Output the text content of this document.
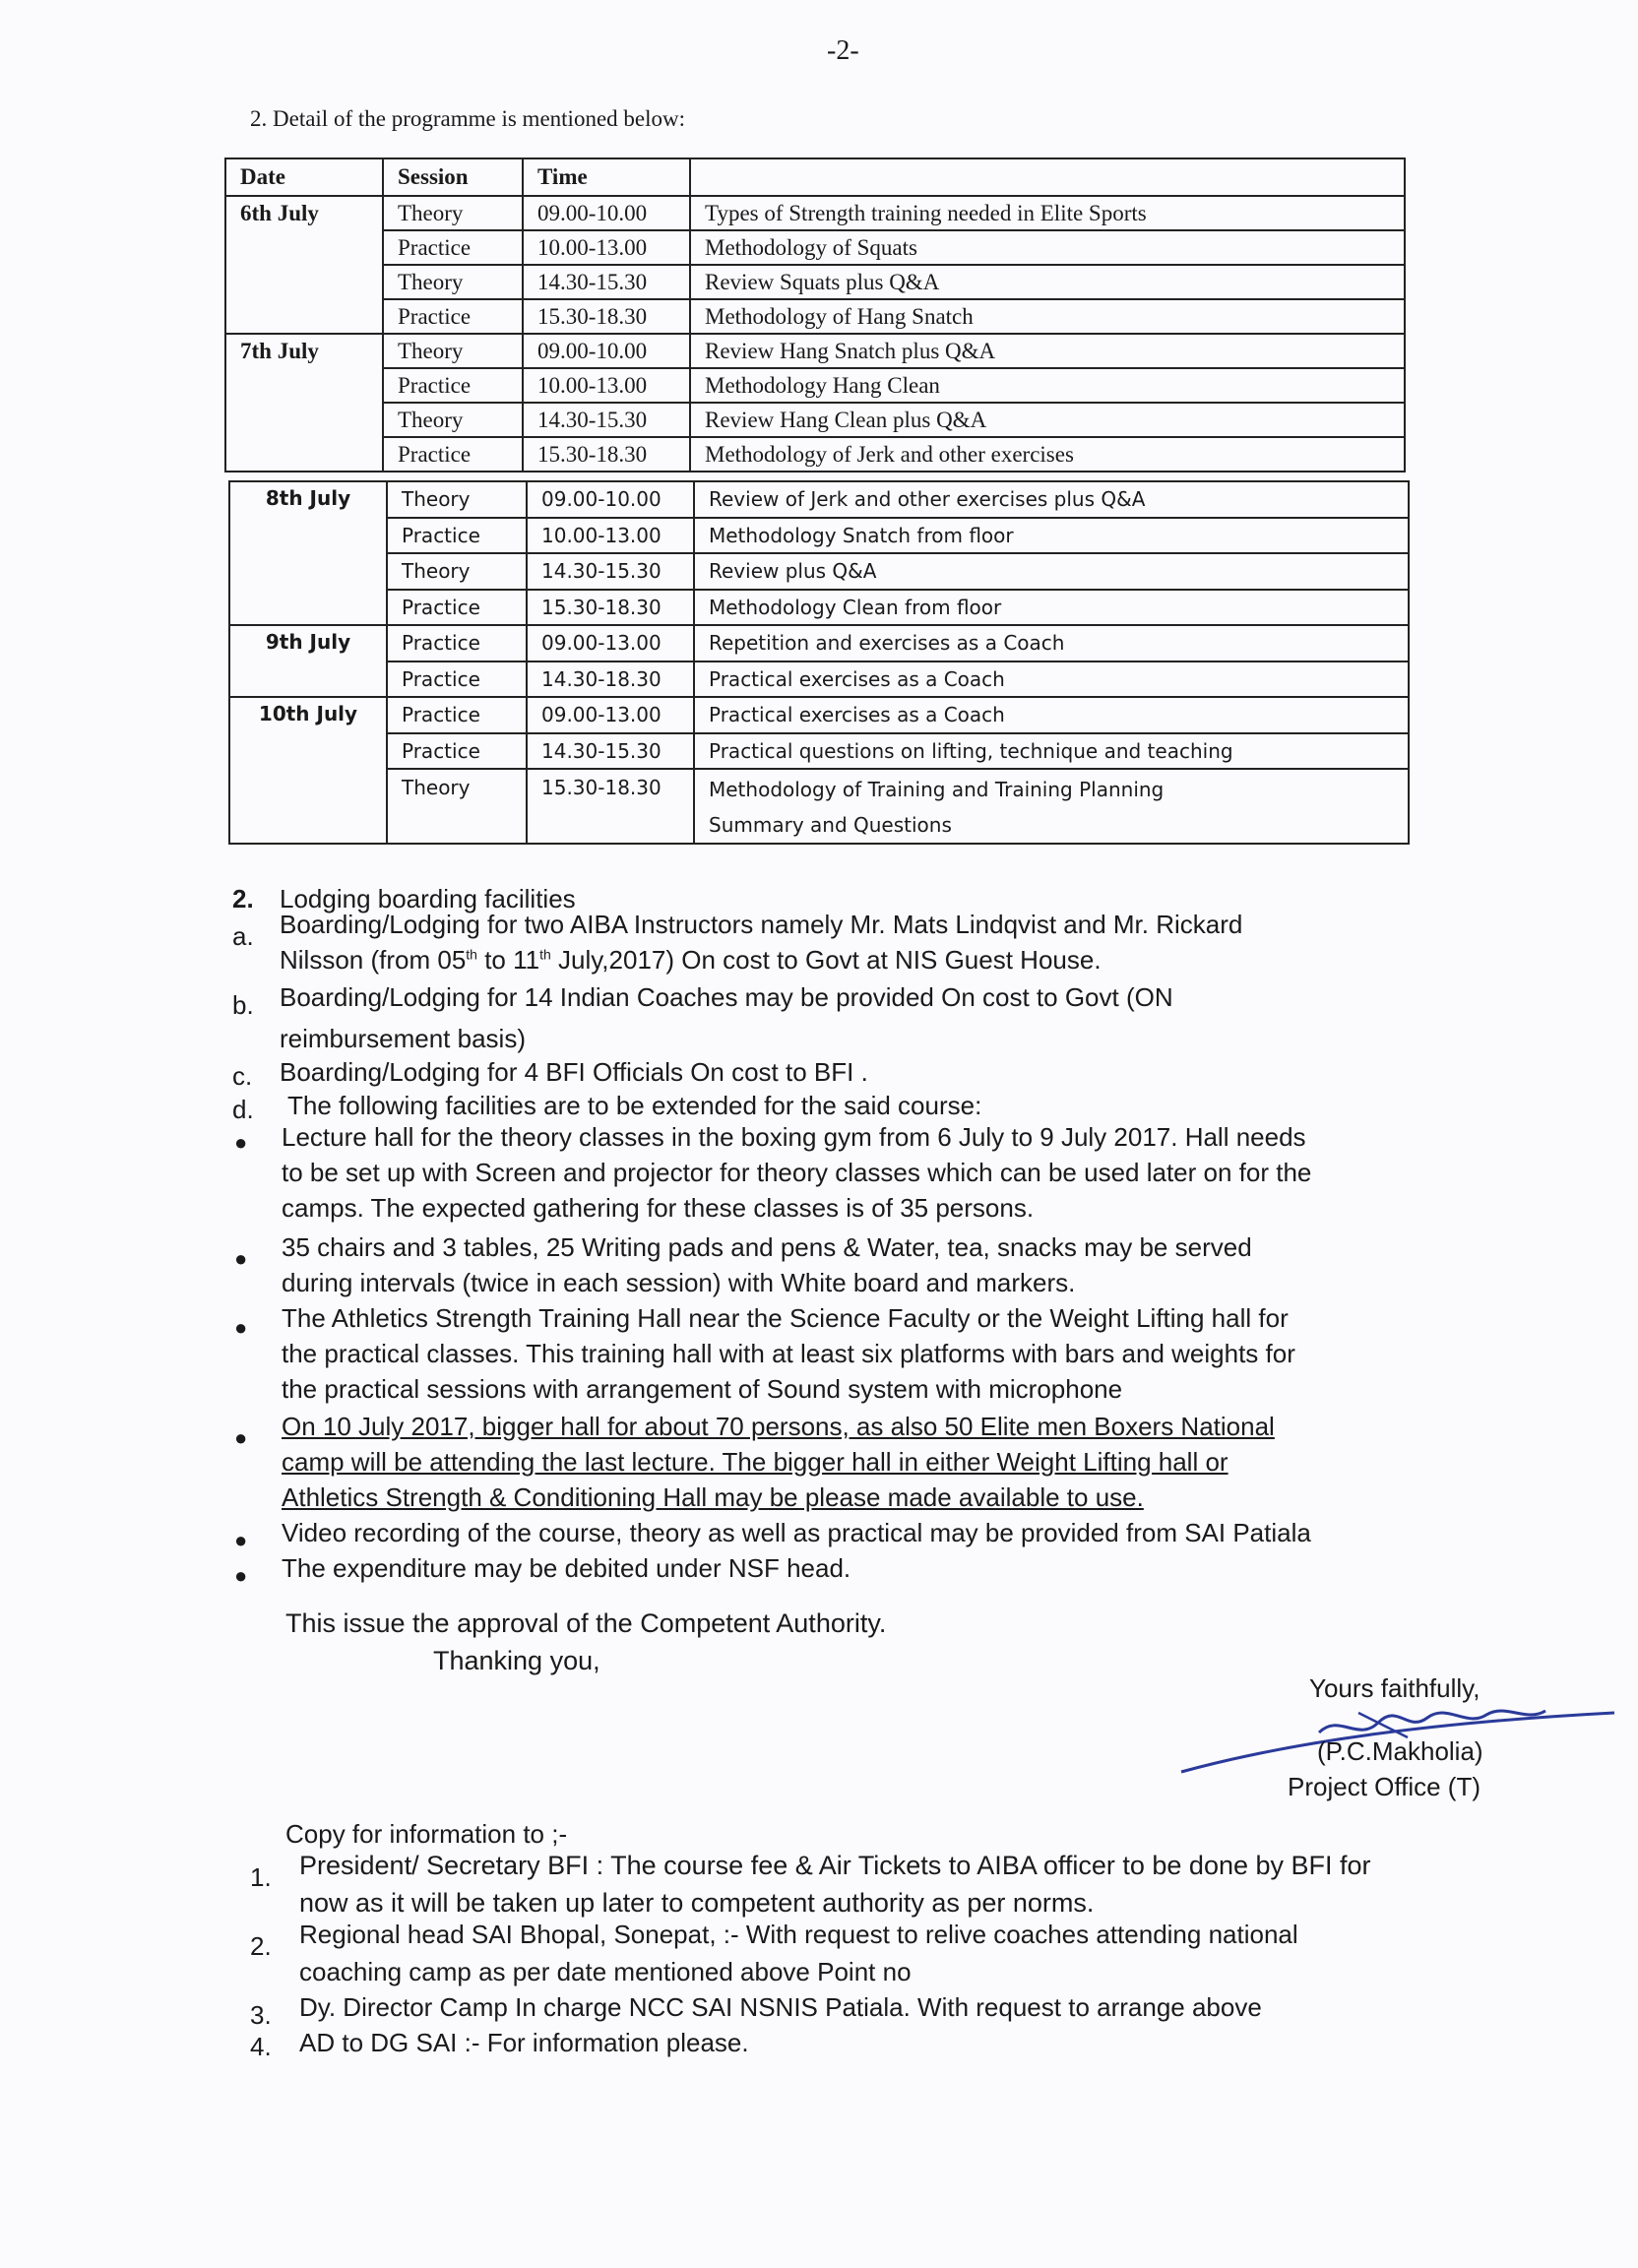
-2-
2. Detail of the programme is mentioned below:
Date	Session	Time	
6th July	Theory	09.00-10.00	Types of Strength training needed in Elite Sports
	Practice	10.00-13.00	Methodology of Squats
	Theory	14.30-15.30	Review Squats plus Q&A
	Practice	15.30-18.30	Methodology of Hang Snatch
7th July	Theory	09.00-10.00	Review Hang Snatch plus Q&A
	Practice	10.00-13.00	Methodology Hang Clean
	Theory	14.30-15.30	Review Hang Clean plus Q&A
	Practice	15.30-18.30	Methodology of Jerk and other exercises
8th July	Theory	09.00-10.00	Review of Jerk and other exercises plus Q&A
	Practice	10.00-13.00	Methodology Snatch from floor
	Theory	14.30-15.30	Review plus Q&A
	Practice	15.30-18.30	Methodology Clean from floor
9th July	Practice	09.00-13.00	Repetition and exercises as a Coach
	Practice	14.30-18.30	Practical exercises as a Coach
10th July	Practice	09.00-13.00	Practical exercises as a Coach
	Practice	14.30-15.30	Practical questions on lifting, technique and teaching
	Theory	15.30-18.30	Methodology of Training and Training Planning
Summary and Questions
2. Lodging boarding facilities
a. Boarding/Lodging for two AIBA Instructors namely Mr. Mats Lindqvist and Mr. Rickard
Nilsson (from 05th to 11th July,2017) On cost to Govt at NIS Guest House.
b. Boarding/Lodging for 14 Indian Coaches may be provided On cost to Govt (ON
reimbursement basis)
c. Boarding/Lodging for 4 BFI Officials On cost to BFI .
d. The following facilities are to be extended for the said course:
● Lecture hall for the theory classes in the boxing gym from 6 July to 9 July 2017. Hall needs
to be set up with Screen and projector for theory classes which can be used later on for the
camps. The expected gathering for these classes is of 35 persons.
● 35 chairs and 3 tables, 25 Writing pads and pens & Water, tea, snacks may be served
during intervals (twice in each session) with White board and markers.
● The Athletics Strength Training Hall near the Science Faculty or the Weight Lifting hall for
the practical classes. This training hall with at least six platforms with bars and weights for
the practical sessions with arrangement of Sound system with microphone
● On 10 July 2017, bigger hall for about 70 persons, as also 50 Elite men Boxers National
camp will be attending the last lecture. The bigger hall in either Weight Lifting hall or
Athletics Strength & Conditioning Hall may be please made available to use.
● Video recording of the course, theory as well as practical may be provided from SAI Patiala
● The expenditure may be debited under NSF head.
This issue the approval of the Competent Authority.
Thanking you,
Yours faithfully,
(P.C.Makholia)
Project Office (T)
Copy for information to ;-
1. President/ Secretary BFI : The course fee & Air Tickets to AIBA officer to be done by BFI for
now as it will be taken up later to competent authority as per norms.
2. Regional head SAI Bhopal, Sonepat, :- With request to relive coaches attending national
coaching camp as per date mentioned above Point no
3. Dy. Director Camp In charge NCC SAI NSNIS Patiala. With request to arrange above
4. AD to DG SAI :- For information please.
